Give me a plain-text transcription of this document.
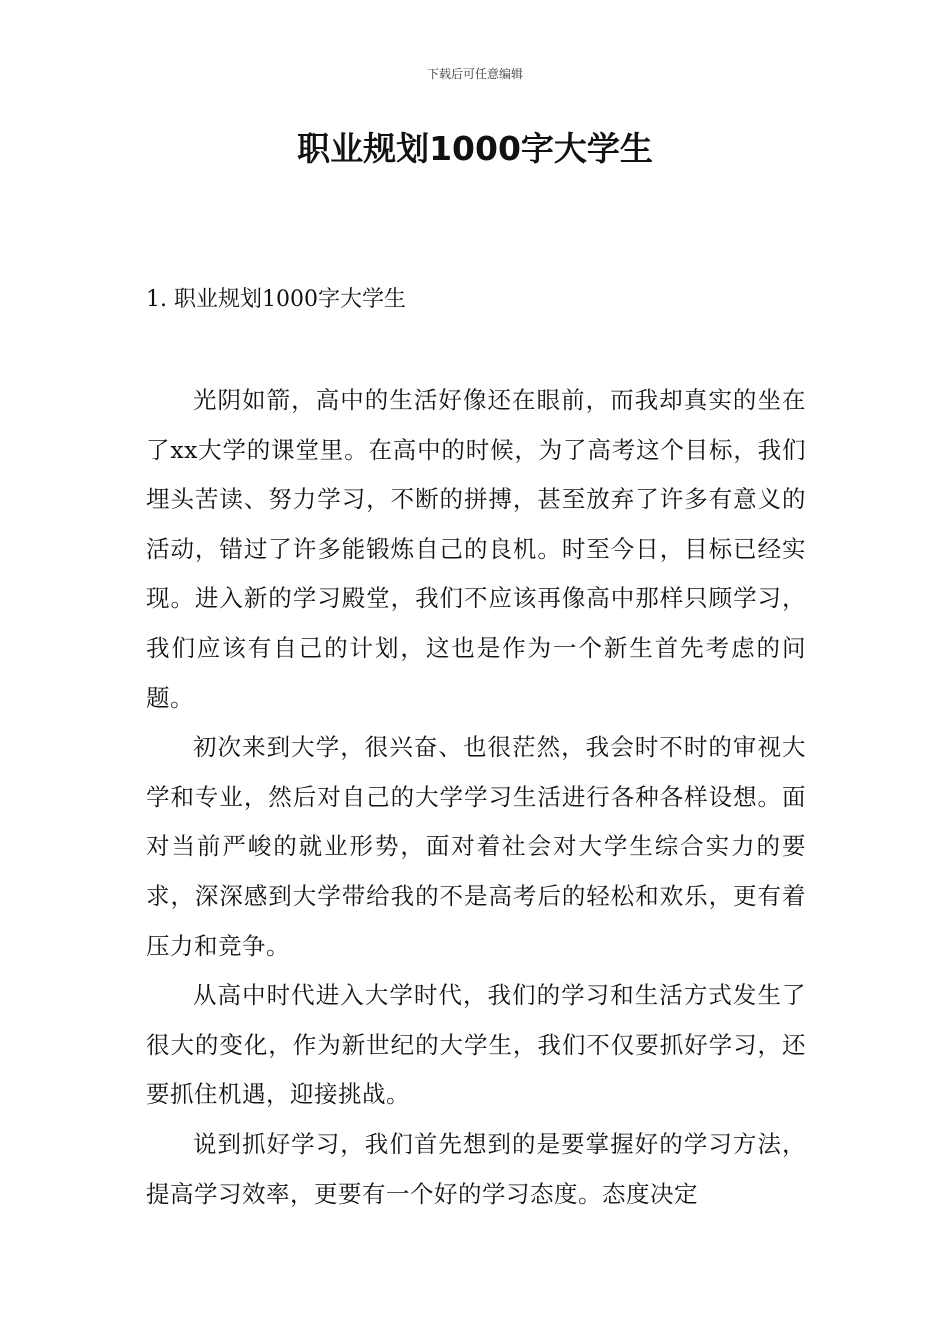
下载后可任意编辑
职业规划1000字大学生
1. 职业规划1000字大学生

光阴如箭，高中的生活好像还在眼前，而我却真实的坐在了xx大学的课堂里。在高中的时候，为了高考这个目标，我们埋头苦读、努力学习，不断的拼搏，甚至放弃了许多有意义的活动，错过了许多能锻炼自己的良机。时至今日，目标已经实现。进入新的学习殿堂，我们不应该再像高中那样只顾学习，我们应该有自己的计划，这也是作为一个新生首先考虑的问题。

初次来到大学，很兴奋、也很茫然，我会时不时的审视大学和专业，然后对自己的大学学习生活进行各种各样设想。面对当前严峻的就业形势，面对着社会对大学生综合实力的要求，深深感到大学带给我的不是高考后的轻松和欢乐，更有着压力和竞争。

从高中时代进入大学时代，我们的学习和生活方式发生了很大的变化，作为新世纪的大学生，我们不仅要抓好学习，还要抓住机遇，迎接挑战。

说到抓好学习，我们首先想到的是要掌握好的学习方法，提高学习效率，更要有一个好的学习态度。态度决定
